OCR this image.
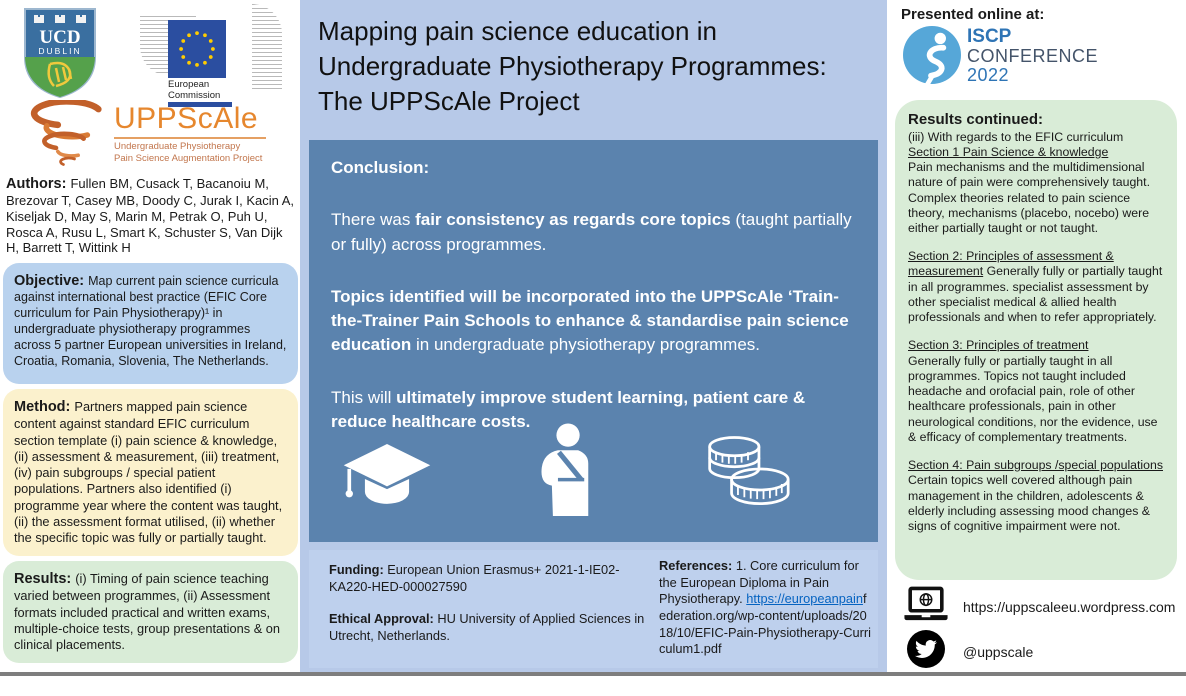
UCD
DUBLIN
European
Commission
UPPScAle
Undergraduate Physiotherapy
Pain Science Augmentation Project

Authors: Fullen BM, Cusack T, Bacanoiu M, Brezovar T, Casey MB, Doody C, Jurak I, Kacin A, Kiseljak D, May S, Marin M, Petrak O, Puh U, Rosca A, Rusu L, Smart K, Schuster S, Van Dijk H, Barrett T, Wittink H

Objective: Map current pain science curricula against international best practice (EFIC Core curriculum for Pain Physiotherapy)¹ in undergraduate physiotherapy programmes across 5 partner European universities in Ireland, Croatia, Romania, Slovenia, The Netherlands.
Method: Partners mapped pain science content against standard EFIC curriculum section template (i) pain science & knowledge, (ii) assessment & measurement, (iii) treatment, (iv) pain subgroups / special patient populations. Partners also identified (i) programme year where the content was taught, (ii) the assessment format utilised, (ii) whether the specific topic was fully or partially taught.
Results: (i) Timing of pain science teaching varied between programmes, (ii) Assessment formats included practical and written exams, multiple-choice tests, group presentations & on clinical placements.
Mapping pain science education in Undergraduate Physiotherapy Programmes: The UPPScAle Project

Conclusion:

There was fair consistency as regards core topics (taught partially or fully) across programmes.

Topics identified will be incorporated into the UPPScAle ‘Train-the-Trainer Pain Schools to enhance & standardise pain science education in undergraduate physiotherapy programmes.

This will ultimately improve student learning, patient care & reduce healthcare costs.

Funding: European Union Erasmus+ 2021-1-IE02-KA220-HED-000027590

Ethical Approval: HU University of Applied Sciences in Utrecht, Netherlands.

References: 1. Core curriculum for the European Diploma in Pain Physiotherapy. https://europeanpainfederation.org/wp-content/uploads/2018/10/EFIC-Pain-Physiotherapy-Curriculum1.pdf
Presented online at:
ISCP
CONFERENCE
2022
Results continued:
(iii) With regards to the EFIC curriculum
Section 1 Pain Science & knowledge
Pain mechanisms and the multidimensional nature of pain were comprehensively taught. Complex theories related to pain science theory, mechanisms (placebo, nocebo) were either partially taught or not taught.
Section 2: Principles of assessment & measurement Generally fully or partially taught in all programmes. specialist assessment by other specialist medical & allied health professionals and when to refer appropriately.
Section 3: Principles of treatment
Generally fully or partially taught in all programmes. Topics not taught included headache and orofacial pain, role of other healthcare professionals, pain in other neurological conditions, nor the evidence, use & efficacy of complementary treatments.
Section 4: Pain subgroups /special populations
Certain topics well covered although pain management in the children, adolescents & elderly including assessing mood changes & signs of cognitive impairment were not.
https://uppscaleeu.wordpress.com
@uppscale
